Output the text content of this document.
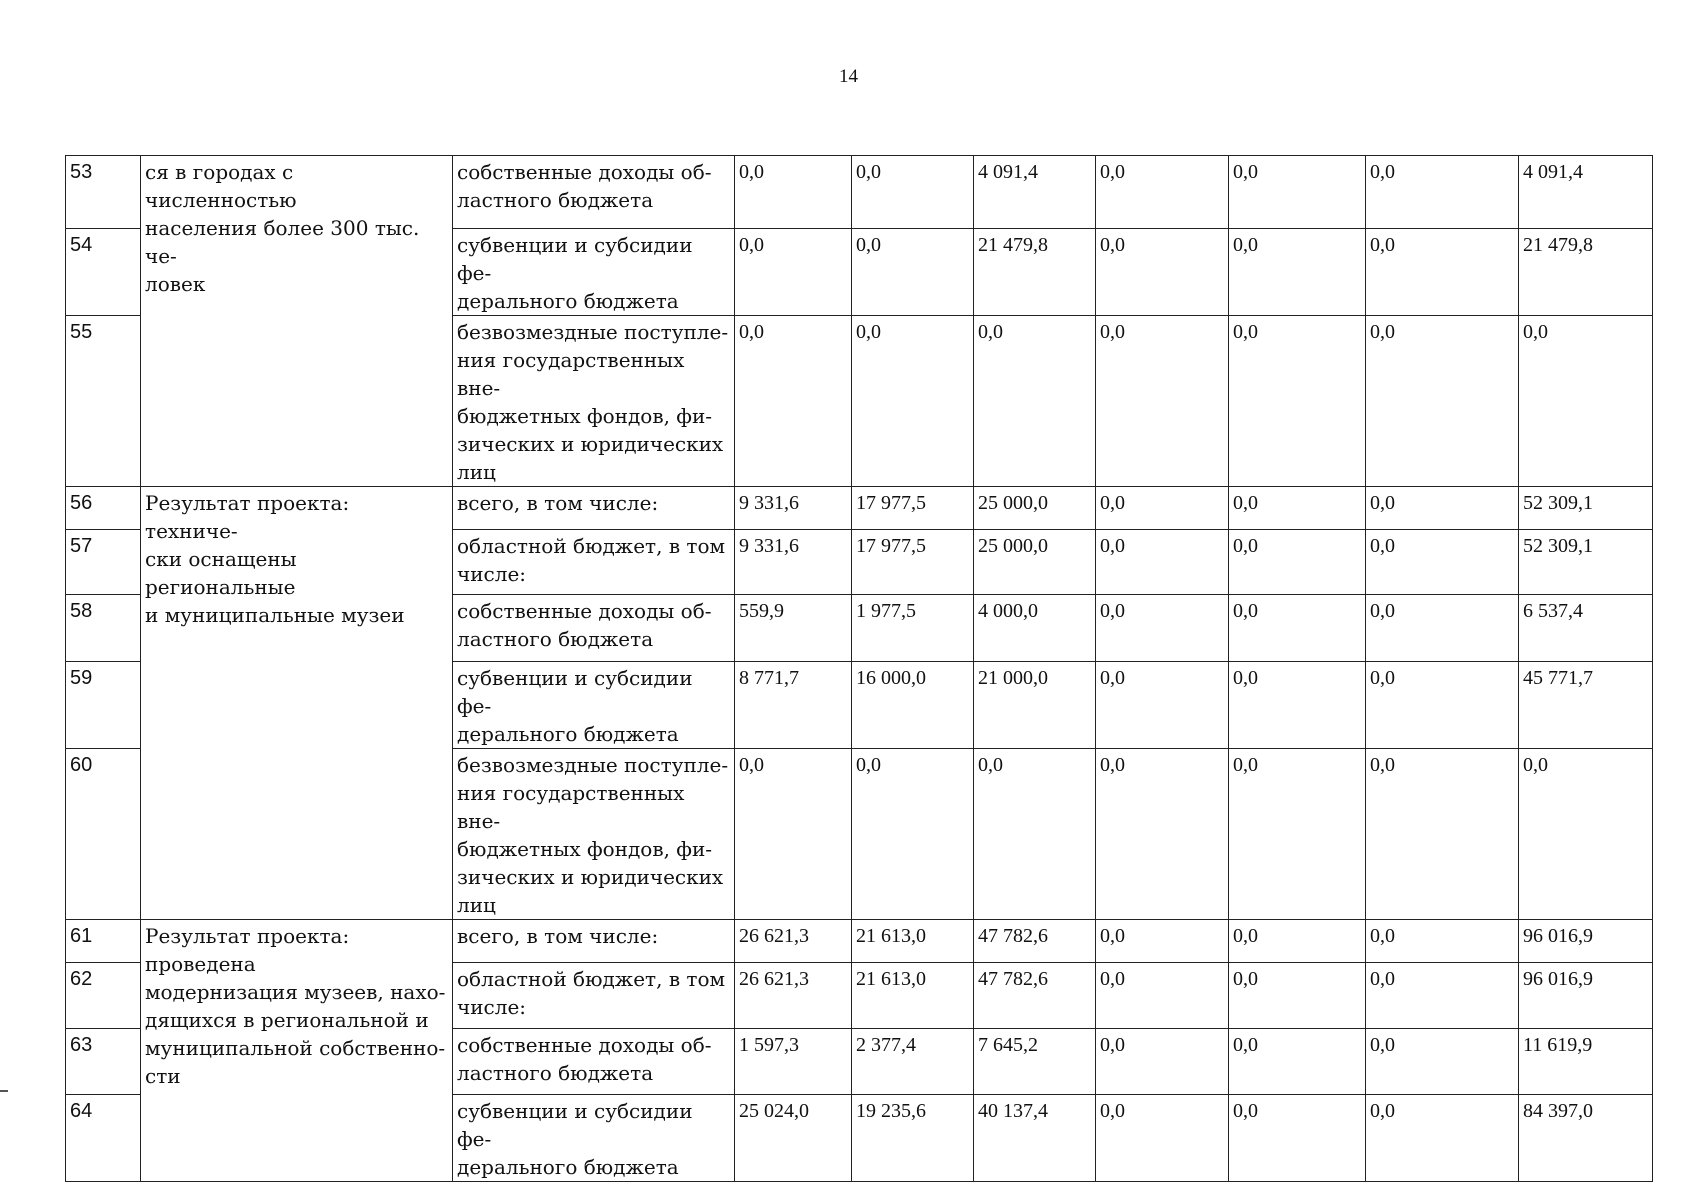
14
53	ся в городах с численностью
населения более 300 тыс. че-
ловек	собственные доходы об-
ластного бюджета	0,0	0,0	4 091,4	0,0	0,0	0,0	4 091,4
54		субвенции и субсидии фе-
дерального бюджета	0,0	0,0	21 479,8	0,0	0,0	0,0	21 479,8
55		безвозмездные поступле-
ния государственных вне-
бюджетных фондов, фи-
зических и юридических
лиц	0,0	0,0	0,0	0,0	0,0	0,0	0,0
56	Результат проекта: техниче-
ски оснащены региональные
и муниципальные музеи	всего, в том числе:	9 331,6	17 977,5	25 000,0	0,0	0,0	0,0	52 309,1
57		областной бюджет, в том
числе:	9 331,6	17 977,5	25 000,0	0,0	0,0	0,0	52 309,1
58		собственные доходы об-
ластного бюджета	559,9	1 977,5	4 000,0	0,0	0,0	0,0	6 537,4
59		субвенции и субсидии фе-
дерального бюджета	8 771,7	16 000,0	21 000,0	0,0	0,0	0,0	45 771,7
60		безвозмездные поступле-
ния государственных вне-
бюджетных фондов, фи-
зических и юридических
лиц	0,0	0,0	0,0	0,0	0,0	0,0	0,0
61	Результат проекта: проведена
модернизация музеев, нахо-
дящихся в региональной и
муниципальной собственно-
сти	всего, в том числе:	26 621,3	21 613,0	47 782,6	0,0	0,0	0,0	96 016,9
62		областной бюджет, в том
числе:	26 621,3	21 613,0	47 782,6	0,0	0,0	0,0	96 016,9
63		собственные доходы об-
ластного бюджета	1 597,3	2 377,4	7 645,2	0,0	0,0	0,0	11 619,9
64		субвенции и субсидии фе-
дерального бюджета	25 024,0	19 235,6	40 137,4	0,0	0,0	0,0	84 397,0
